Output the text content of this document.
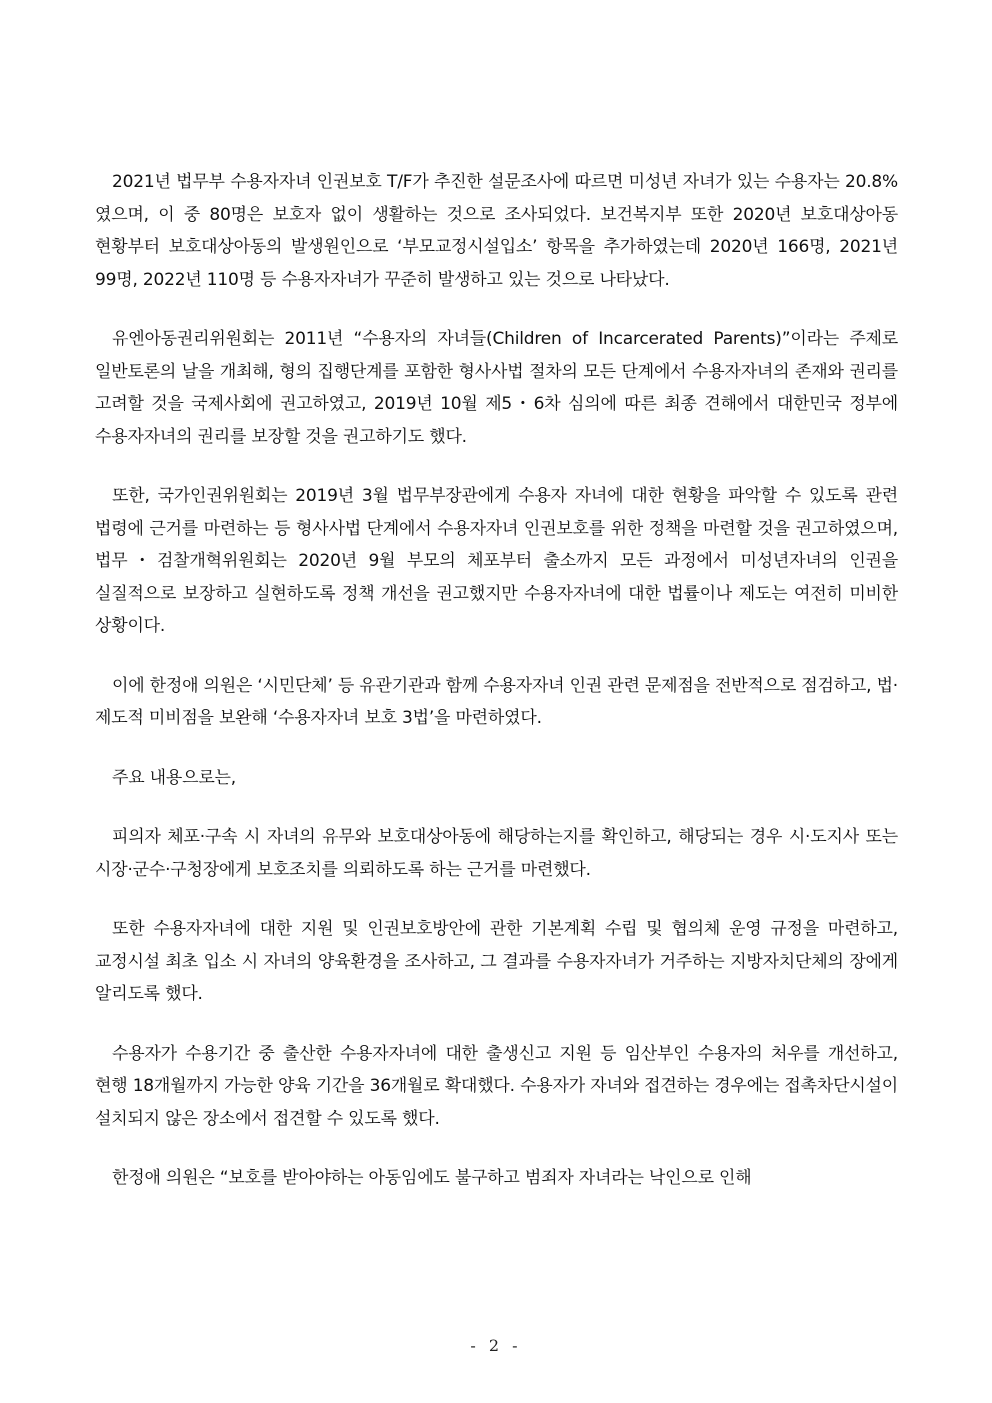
2021년 법무부 수용자자녀 인권보호 T/F가 추진한 설문조사에 따르면 미성년 자녀가 있는 수용자는 20.8%였으며, 이 중 80명은 보호자 없이 생활하는 것으로 조사되었다. 보건복지부 또한 2020년 보호대상아동 현황부터 보호대상아동의 발생원인으로 ‘부모교정시설입소’ 항목을 추가하였는데 2020년 166명, 2021년 99명, 2022년 110명 등 수용자자녀가 꾸준히 발생하고 있는 것으로 나타났다.

유엔아동권리위원회는 2011년 “수용자의 자녀들(Children of Incarcerated Parents)”이라는 주제로 일반토론의 날을 개최해, 형의 집행단계를 포함한 형사사법 절차의 모든 단계에서 수용자자녀의 존재와 권리를 고려할 것을 국제사회에 권고하였고, 2019년 10월 제5・6차 심의에 따른 최종 견해에서 대한민국 정부에 수용자자녀의 권리를 보장할 것을 권고하기도 했다.

또한, 국가인권위원회는 2019년 3월 법무부장관에게 수용자 자녀에 대한 현황을 파악할 수 있도록 관련 법령에 근거를 마련하는 등 형사사법 단계에서 수용자자녀 인권보호를 위한 정책을 마련할 것을 권고하였으며, 법무・검찰개혁위원회는 2020년 9월 부모의 체포부터 출소까지 모든 과정에서 미성년자녀의 인권을 실질적으로 보장하고 실현하도록 정책 개선을 권고했지만 수용자자녀에 대한 법률이나 제도는 여전히 미비한 상황이다.

이에 한정애 의원은 ‘시민단체’ 등 유관기관과 함께 수용자자녀 인권 관련 문제점을 전반적으로 점검하고, 법·제도적 미비점을 보완해 ‘수용자자녀 보호 3법’을 마련하였다.

주요 내용으로는,

피의자 체포·구속 시 자녀의 유무와 보호대상아동에 해당하는지를 확인하고, 해당되는 경우 시·도지사 또는 시장·군수·구청장에게 보호조치를 의뢰하도록 하는 근거를 마련했다.

또한 수용자자녀에 대한 지원 및 인권보호방안에 관한 기본계획 수립 및 협의체 운영 규정을 마련하고, 교정시설 최초 입소 시 자녀의 양육환경을 조사하고, 그 결과를 수용자자녀가 거주하는 지방자치단체의 장에게 알리도록 했다.

수용자가 수용기간 중 출산한 수용자자녀에 대한 출생신고 지원 등 임산부인 수용자의 처우를 개선하고, 현행 18개월까지 가능한 양육 기간을 36개월로 확대했다. 수용자가 자녀와 접견하는 경우에는 접촉차단시설이 설치되지 않은 장소에서 접견할 수 있도록 했다.

한정애 의원은 “보호를 받아야하는 아동임에도 불구하고 범죄자 자녀라는 낙인으로 인해

- 2 -
